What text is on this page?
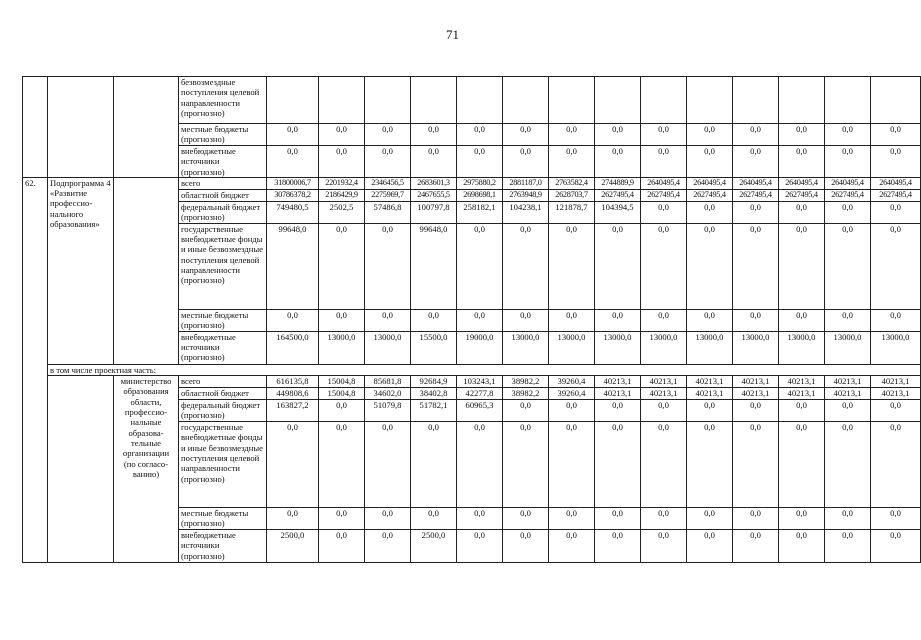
71
			безвозмездные поступления целевой направленности (прогнозно)														
			местные бюджеты (прогнозно)	0,0	0,0	0,0	0,0	0,0	0,0	0,0	0,0	0,0	0,0	0,0	0,0	0,0	0,0
			внебюджетные источники (прогнозно)	0,0	0,0	0,0	0,0	0,0	0,0	0,0	0,0	0,0	0,0	0,0	0,0	0,0	0,0
62.	Подпрограмма 4 «Развитие профессио-нального образования»		всего	31800006,7	2201932,4	2346456,5	2683601,3	2975880,2	2881187,0	2763582,4	2744889,9	2640495,4	2640495,4	2640495,4	2640495,4	2640495,4	2640495,4
			областной бюджет	30786378,2	2186429,9	2275969,7	2467655,5	2698698,1	2763948,9	2628703,7	2627495,4	2627495,4	2627495,4	2627495,4	2627495,4	2627495,4	2627495,4
			федеральный бюджет (прогнозно)	749480,5	2502,5	57486,8	100797,8	258182,1	104238,1	121878,7	104394,5	0,0	0,0	0,0	0,0	0,0	0,0
			государственные внебюджетные фонды и иные безвозмездные поступления целевой направленности (прогнозно)	99648,0	0,0	0,0	99648,0	0,0	0,0	0,0	0,0	0,0	0,0	0,0	0,0	0,0	0,0
			местные бюджеты (прогнозно)	0,0	0,0	0,0	0,0	0,0	0,0	0,0	0,0	0,0	0,0	0,0	0,0	0,0	0,0
			внебюджетные источники (прогнозно)	164500,0	13000,0	13000,0	15500,0	19000,0	13000,0	13000,0	13000,0	13000,0	13000,0	13000,0	13000,0	13000,0	13000,0
	в том числе проектная часть:																
		министерство образования области, профессио-нальные образова-тельные организации (по согласо-ванию)	всего	616135,8	15004,8	85681,8	92684,9	103243,1	38982,2	39260,4	40213,1	40213,1	40213,1	40213,1	40213,1	40213,1	40213,1
			областной бюджет	449808,6	15004,8	34602,0	38402,8	42277,8	38982,2	39260,4	40213,1	40213,1	40213,1	40213,1	40213,1	40213,1	40213,1
			федеральный бюджет (прогнозно)	163827,2	0,0	51079,8	51782,1	60965,3	0,0	0,0	0,0	0,0	0,0	0,0	0,0	0,0	0,0
			государственные внебюджетные фонды и иные безвозмездные поступления целевой направленности (прогнозно)	0,0	0,0	0,0	0,0	0,0	0,0	0,0	0,0	0,0	0,0	0,0	0,0	0,0	0,0
			местные бюджеты (прогнозно)	0,0	0,0	0,0	0,0	0,0	0,0	0,0	0,0	0,0	0,0	0,0	0,0	0,0	0,0
			внебюджетные источники (прогнозно)	2500,0	0,0	0,0	2500,0	0,0	0,0	0,0	0,0	0,0	0,0	0,0	0,0	0,0	0,0
